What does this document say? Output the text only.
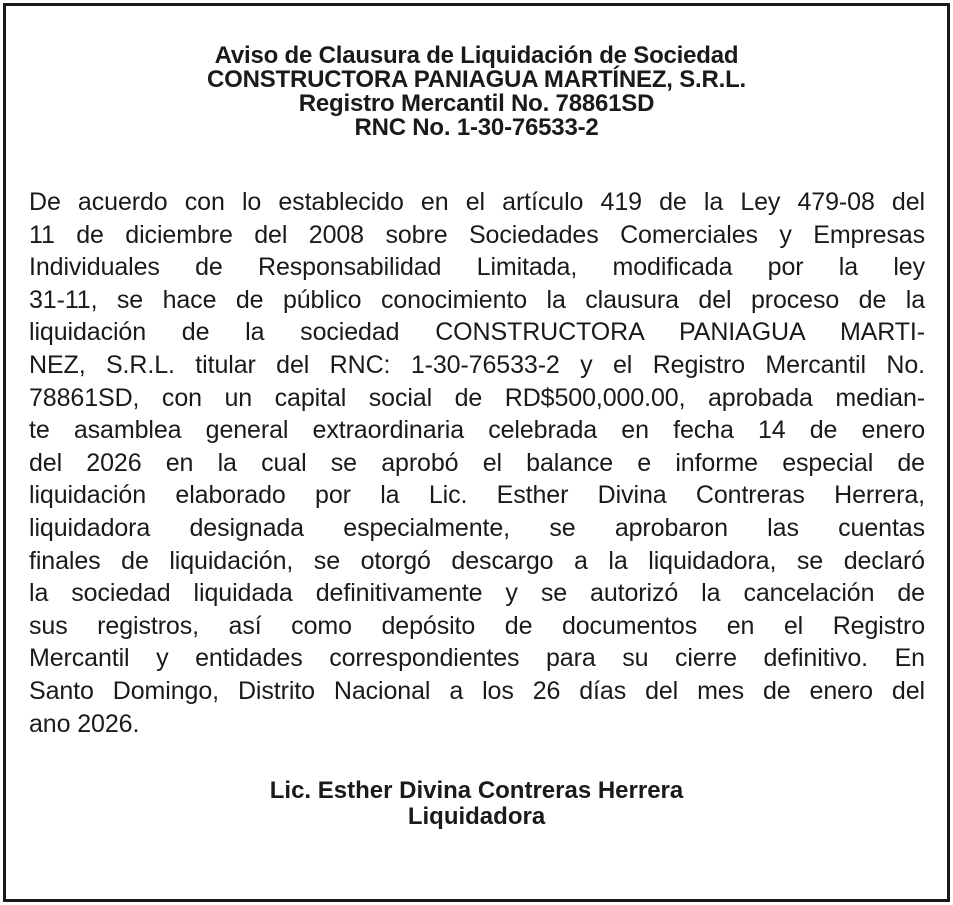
Aviso de Clausura de Liquidación de Sociedad
CONSTRUCTORA PANIAGUA MARTÍNEZ, S.R.L.
Registro Mercantil No. 78861SD
RNC No. 1-30-76533-2
De acuerdo con lo establecido en el artículo 419 de la Ley 479-08 del
11 de diciembre del 2008 sobre Sociedades Comerciales y Empresas
Individuales de Responsabilidad Limitada, modificada por la ley
31-11, se hace de público conocimiento la clausura del proceso de la
liquidación de la sociedad CONSTRUCTORA PANIAGUA MARTI-
NEZ, S.R.L. titular del RNC: 1-30-76533-2 y el Registro Mercantil No.
78861SD, con un capital social de RD$500,000.00, aprobada median-
te asamblea general extraordinaria celebrada en fecha 14 de enero
del 2026 en la cual se aprobó el balance e informe especial de
liquidación elaborado por la Lic. Esther Divina Contreras Herrera,
liquidadora designada especialmente, se aprobaron las cuentas
finales de liquidación, se otorgó descargo a la liquidadora, se declaró
la sociedad liquidada definitivamente y se autorizó la cancelación de
sus registros, así como depósito de documentos en el Registro
Mercantil y entidades correspondientes para su cierre definitivo. En
Santo Domingo, Distrito Nacional a los 26 días del mes de enero del
ano 2026.
Lic. Esther Divina Contreras Herrera
Liquidadora
